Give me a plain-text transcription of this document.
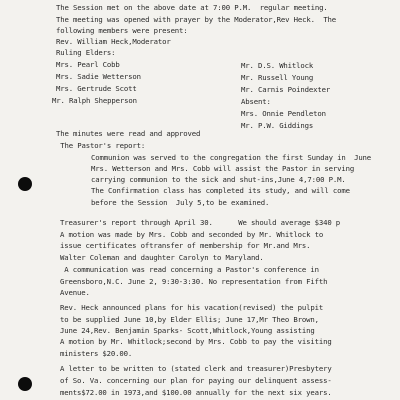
The Session met on the above date at 7:00 P.M.  regular meeting.
The meeting was opened with prayer by the Moderator,Rev Heck.  The
following members were present:
Rev. William Heck,Moderator
Ruling Elders:
Mrs. Pearl Cobb
Mrs. Sadie Wetterson
Mrs. Gertrude Scott
Mr. Ralph Shepperson
Mr. D.S. Whitlock
Mr. Russell Young
Mr. Carnis Poindexter
Absent:
Mrs. Onnie Pendleton
Mr. P.W. Giddings
The minutes were read and approved
The Pastor's report:
Communion was served to the congregation the first Sunday in  June
Mrs. Wetterson and Mrs. Cobb will assist the Pastor in serving
carrying communion to the sick and shut-ins,June 4,7:00 P.M.
The Confirmation class has completed its study, and will come
before the Session  July 5,to be examined.
Treasurer's report through April 30.      We should average $340 p
A motion was made by Mrs. Cobb and seconded by Mr. Whitlock to
issue certificates oftransfer of membership for Mr.and Mrs.
Walter Coleman and daughter Carolyn to Maryland.
A communication was read concerning a Pastor's conference in
Greensboro,N.C. June 2, 9:30-3:30. No representation from Fifth
Avenue.
Rev. Heck announced plans for his vacation(revised) the pulpit
to be supplied June 10,by Elder Ellis; June 17,Mr Theo Brown,
June 24,Rev. Benjamin Sparks- Scott,Whitlock,Young assisting
A motion by Mr. Whitlock;second by Mrs. Cobb to pay the visiting
ministers $20.00.
A letter to be written to (stated clerk and treasurer)Presbytery
of So. Va. concerning our plan for paying our delinquent assess-
ments$72.00 in 1973,and $100.00 annually for the next six years.
